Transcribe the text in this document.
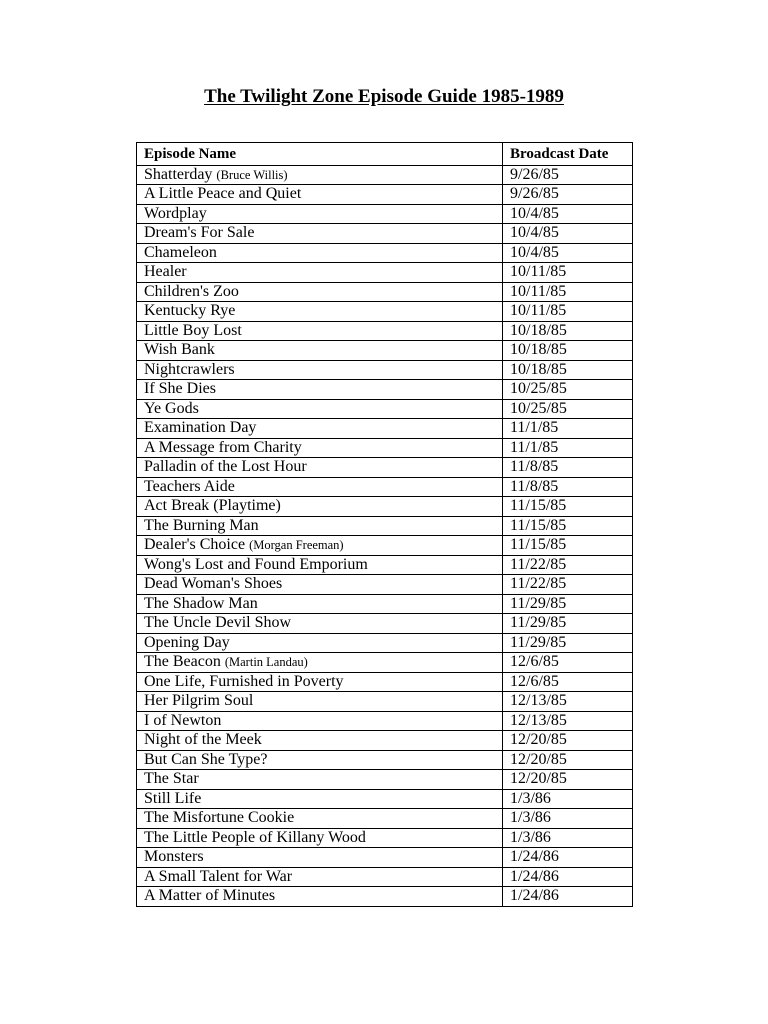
The Twilight Zone Episode Guide 1985-1989
Episode Name	Broadcast Date
Shatterday (Bruce Willis)	9/26/85
A Little Peace and Quiet	9/26/85
Wordplay	10/4/85
Dream's For Sale	10/4/85
Chameleon	10/4/85
Healer	10/11/85
Children's Zoo	10/11/85
Kentucky Rye	10/11/85
Little Boy Lost	10/18/85
Wish Bank	10/18/85
Nightcrawlers	10/18/85
If She Dies	10/25/85
Ye Gods	10/25/85
Examination Day	11/1/85
A Message from Charity	11/1/85
Palladin of the Lost Hour	11/8/85
Teachers Aide	11/8/85
Act Break (Playtime)	11/15/85
The Burning Man	11/15/85
Dealer's Choice (Morgan Freeman)	11/15/85
Wong's Lost and Found Emporium	11/22/85
Dead Woman's Shoes	11/22/85
The Shadow Man	11/29/85
The Uncle Devil Show	11/29/85
Opening Day	11/29/85
The Beacon (Martin Landau)	12/6/85
One Life, Furnished in Poverty	12/6/85
Her Pilgrim Soul	12/13/85
I of Newton	12/13/85
Night of the Meek	12/20/85
But Can She Type?	12/20/85
The Star	12/20/85
Still Life	1/3/86
The Misfortune Cookie	1/3/86
The Little People of Killany Wood	1/3/86
Monsters	1/24/86
A Small Talent for War	1/24/86
A Matter of Minutes	1/24/86
